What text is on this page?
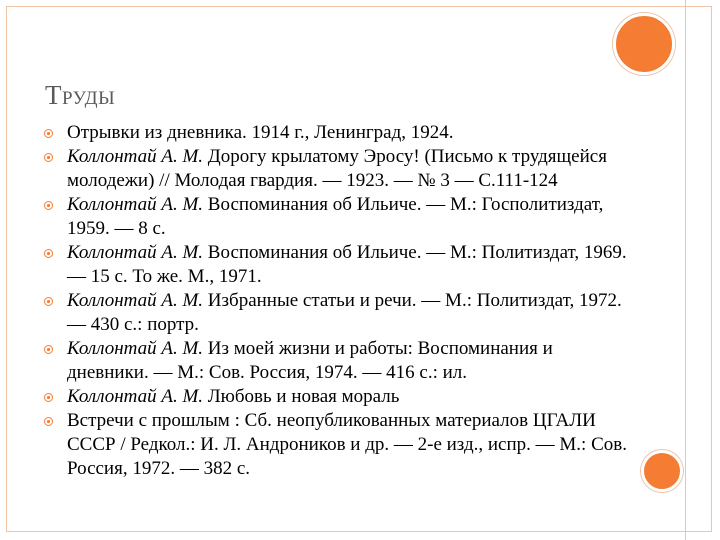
ТРУДЫ
Отрывки из дневника. 1914 г., Ленинград, 1924.
Коллонтай А. М. Дорогу крылатому Эросу! (Письмо к трудящейся молодежи) // Молодая гвардия. — 1923. — № 3 — С.111-124
Коллонтай А. М. Воспоминания об Ильиче. — М.: Госполитиздат, 1959. — 8 с.
Коллонтай А. М. Воспоминания об Ильиче. — М.: Политиздат, 1969. — 15 с. То же. М., 1971.
Коллонтай А. М. Избранные статьи и речи. — М.: Политиздат, 1972. — 430 с.: портр.
Коллонтай А. М. Из моей жизни и работы: Воспоминания и дневники. — М.: Сов. Россия, 1974. — 416 с.: ил.
Коллонтай А. М. Любовь и новая мораль
Встречи с прошлым : Сб. неопубликованных материалов ЦГАЛИ СССР / Редкол.: И. Л. Андроников и др. — 2-е изд., испр. — М.: Сов. Россия, 1972. — 382 с.
